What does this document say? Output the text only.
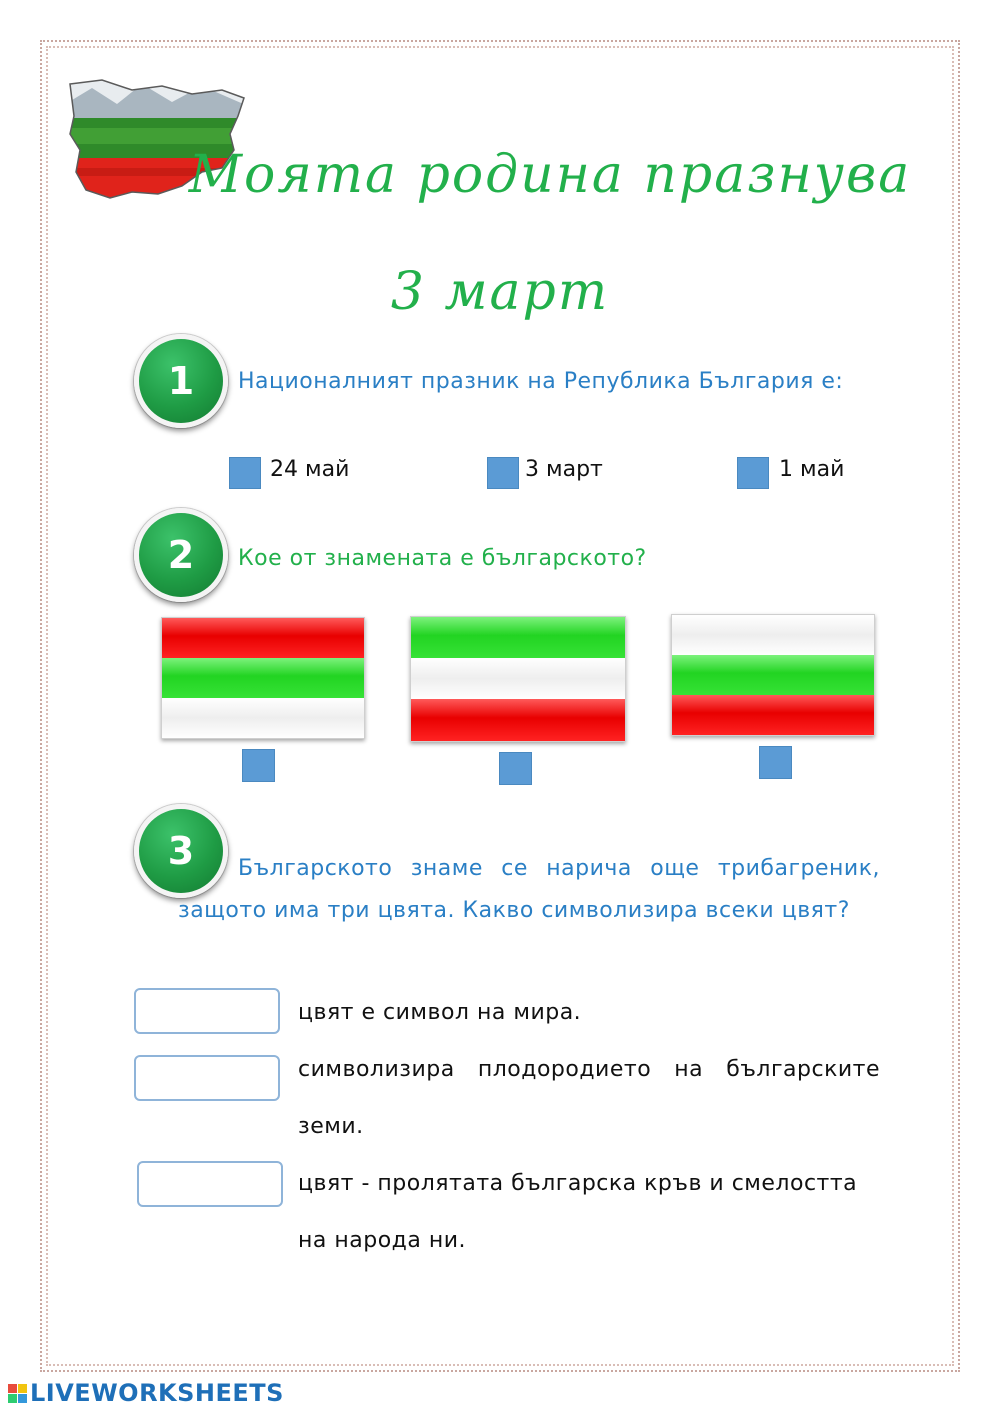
Моята родина празнува
3 март
1	Националният празник на Република България е:
24 май	3 март	1 май
2	Кое от знамената е българското?
3	Българското знаме се нарича още трибагреник,
защото има три цвята. Какво символизира всеки цвят?
цвят е символ на мира.
символизира плодородието на българските
земи.
цвят - пролятата българска кръв и смелостта
на народа ни.
LIVEWORKSHEETS
